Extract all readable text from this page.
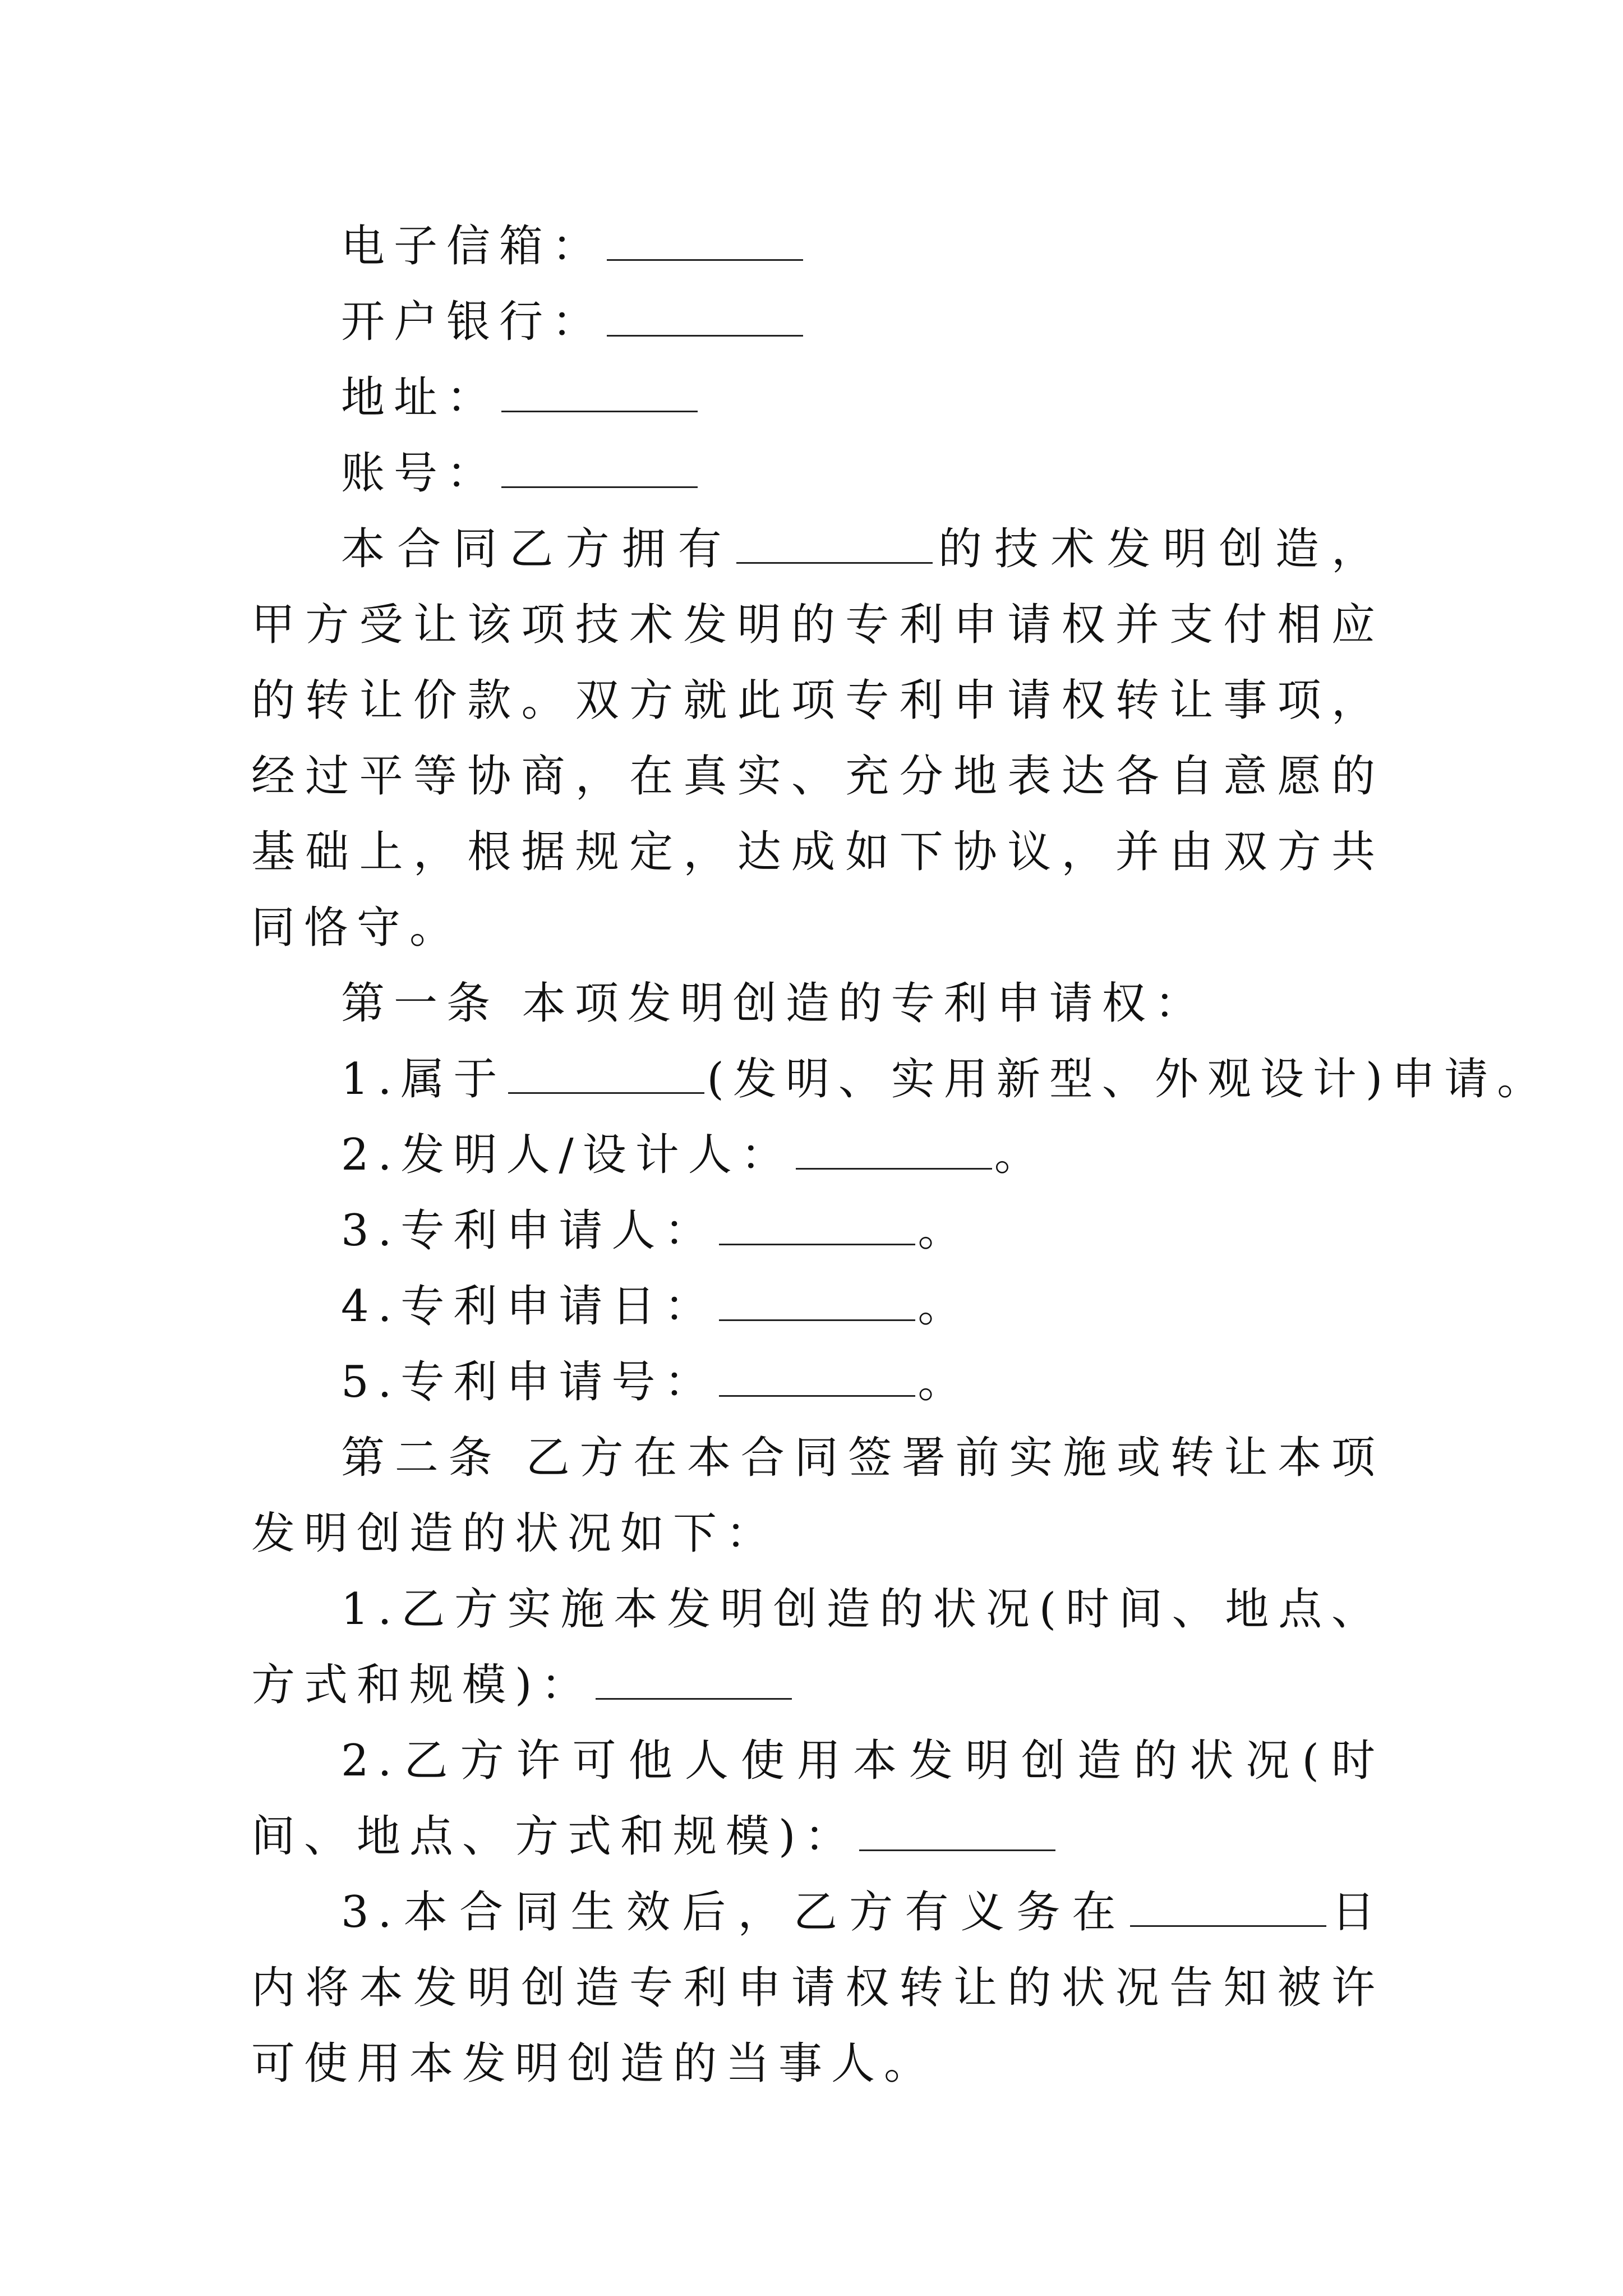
电子信箱：
开户银行：
地址：
账号：
本合同乙方拥有	的技术发明创造，甲方受让该项技术发明的专利申请权并支付相应的转让价款。双方就此项专利申请权转让事项，经过平等协商，在真实、充分地表达各自意愿的基础上，根据规定，达成如下协议，并由双方共同恪守。
第一条 本项发明创造的专利申请权：
1.属于	(发明、实用新型、外观设计)申请。
2.发明人/设计人：	。
3.专利申请人：	。
4.专利申请日：	。
5.专利申请号：	。
第二条 乙方在本合同签署前实施或转让本项发明创造的状况如下：
1.乙方实施本发明创造的状况(时间、地点、方式和规模)：
2.乙方许可他人使用本发明创造的状况(时间、地点、方式和规模)：
3.本合同生效后，乙方有义务在	日内将本发明创造专利申请权转让的状况告知被许可使用本发明创造的当事人。
